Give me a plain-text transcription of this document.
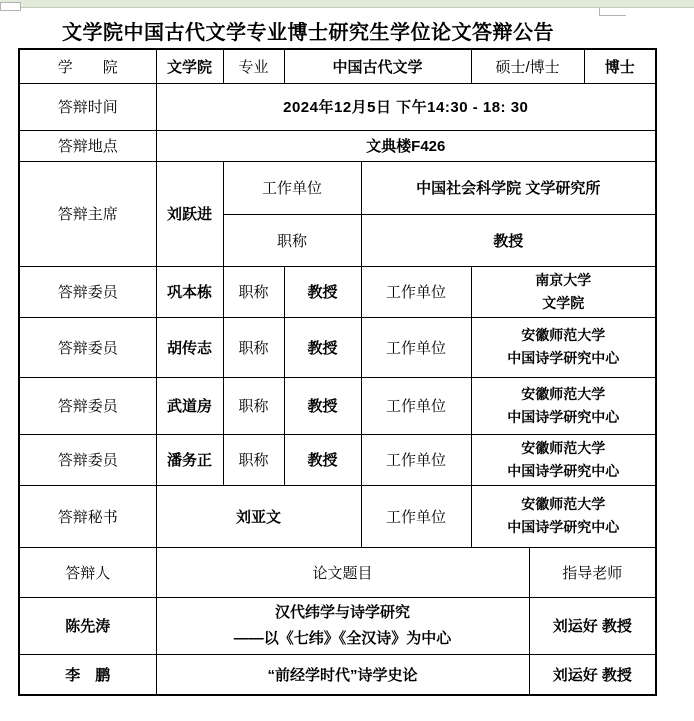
文学院中国古代文学专业博士研究生学位论文答辩公告
学　　院	文学院	专业	中国古代文学		硕士/博士		博士
答辩时间	2024年12月5日 下午14:30 - 18: 30						
答辩地点	文典楼F426						
答辩主席	刘跃进	工作单位		中国社会科学院 文学研究所			
		职称		教授			
答辩委员	巩本栋	职称	教授	工作单位	南京大学
文学院		

答辩委员	胡传志	职称	教授	工作单位	安徽师范大学
中国诗学研究中心		

答辩委员	武道房	职称	教授	工作单位	安徽师范大学
中国诗学研究中心		

答辩委员	潘务正	职称	教授	工作单位	安徽师范大学
中国诗学研究中心		

答辩秘书	刘亚文			工作单位	安徽师范大学
中国诗学研究中心		

答辩人	论文题目					指导老师	
陈先涛	汉代纬学与诗学研究
——以《七纬》《全汉诗》为中心					刘运好 教授	
李　鹏	“前经学时代”诗学史论					刘运好 教授	
